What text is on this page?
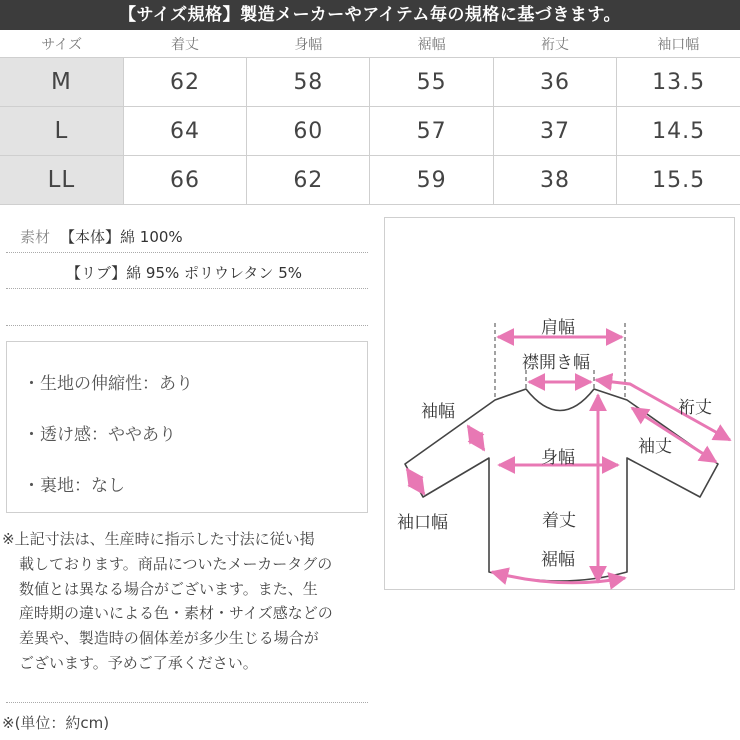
【サイズ規格】製造メーカーやアイテム毎の規格に基づきます。
サイズ	着丈	身幅	裾幅	裄丈	袖口幅
M	62	58	55	36	13.5
L	64	60	57	37	14.5
LL	66	62	59	38	15.5
素材 【本体】綿 100%
【リブ】綿 95% ポリウレタン 5%
・生地の伸縮性：あり
・透け感：ややあり
・裏地：なし
※上記寸法は、生産時に指示した寸法に従い掲
載しております。商品についたメーカータグの
数値とは異なる場合がございます。また、生
産時期の違いによる色・素材・サイズ感などの
差異や、製造時の個体差が多少生じる場合が
ございます。予めご了承ください。
※(単位：約cm)
肩幅
襟開き幅
袖幅	裄丈
袖丈
身幅
袖口幅	着丈
裾幅
